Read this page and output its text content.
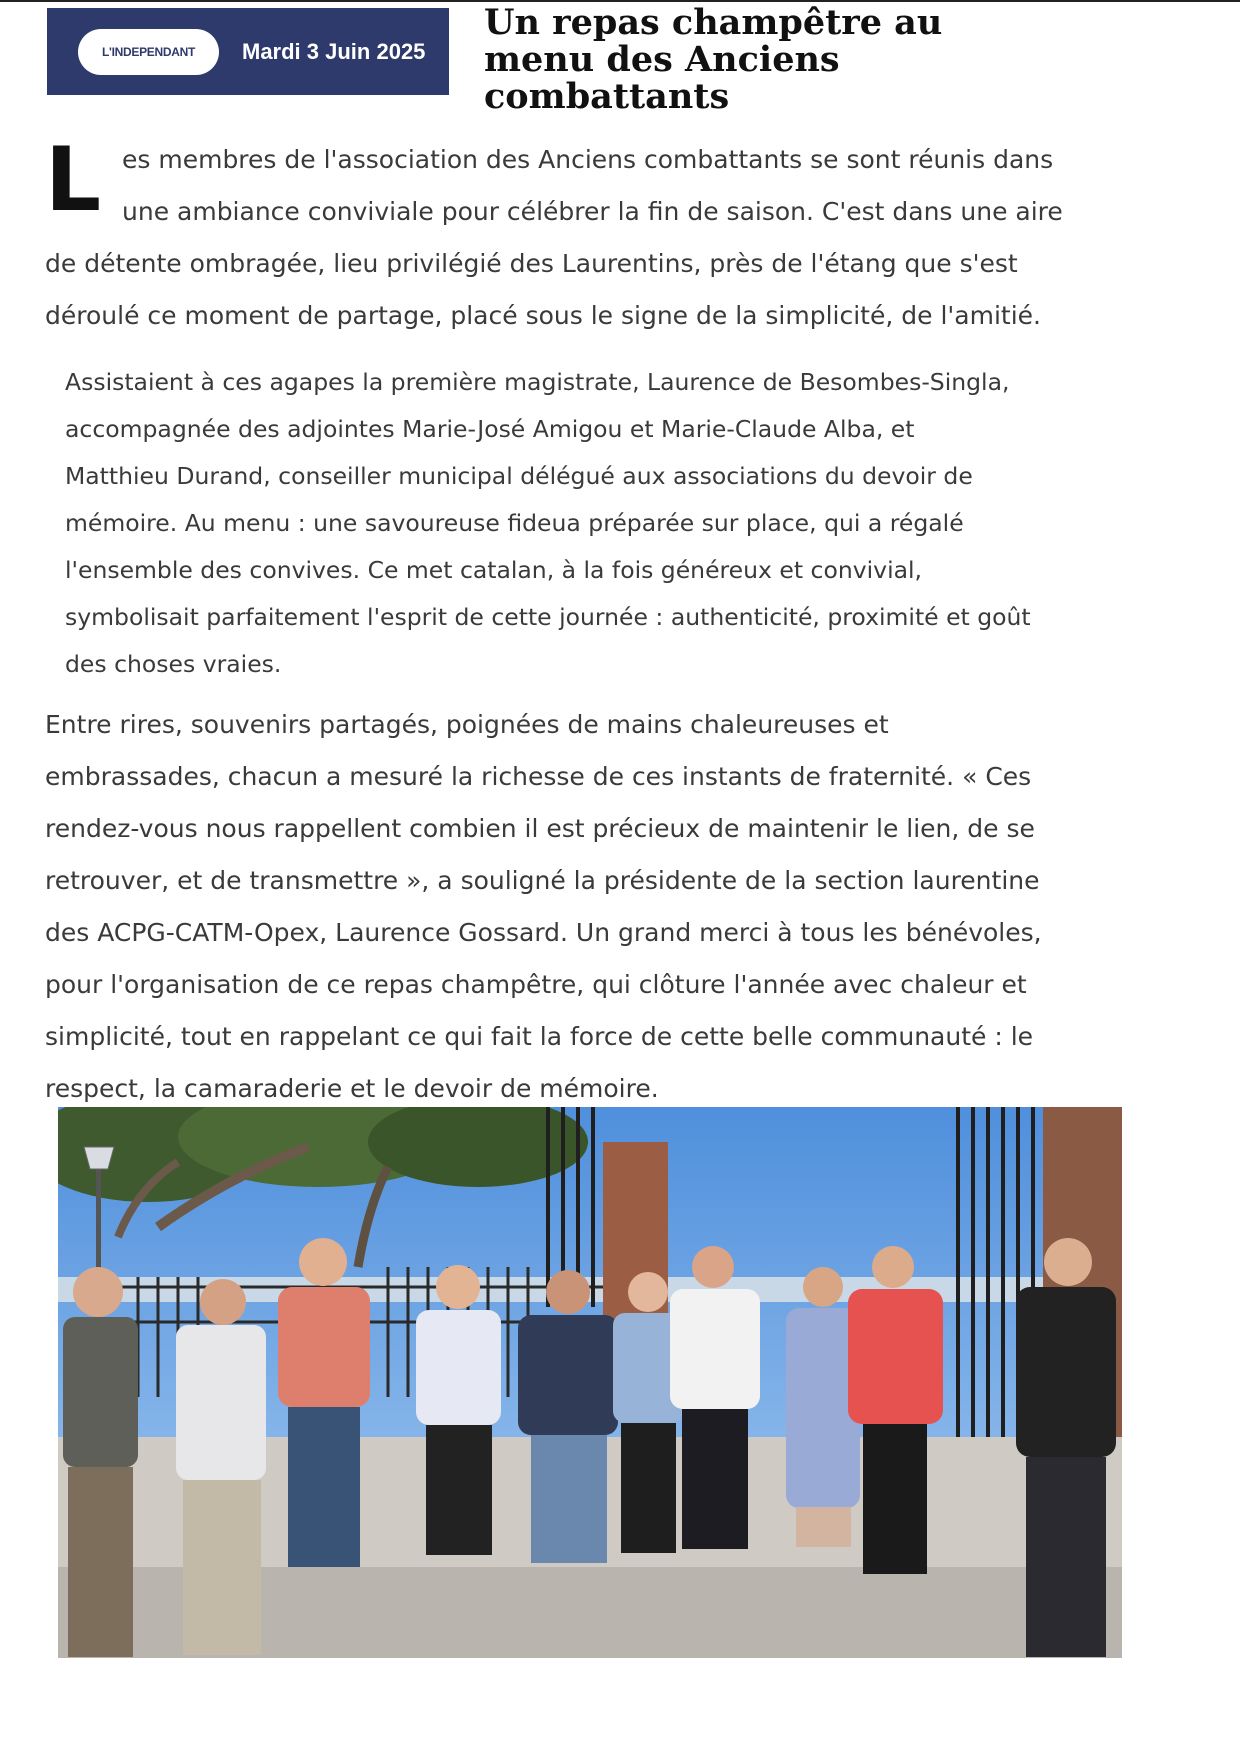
L'INDEPENDANT Mardi 3 Juin 2025
Un repas champêtre au
menu des Anciens
combattants
L es membres de l'association des Anciens combattants se sont réunis dans
une ambiance conviviale pour célébrer la fin de saison. C'est dans une aire
de détente ombragée, lieu privilégié des Laurentins, près de l'étang que s'est
déroulé ce moment de partage, placé sous le signe de la simplicité, de l'amitié.
Assistaient à ces agapes la première magistrate, Laurence de Besombes-Singla,
accompagnée des adjointes Marie-José Amigou et Marie-Claude Alba, et
Matthieu Durand, conseiller municipal délégué aux associations du devoir de
mémoire. Au menu : une savoureuse fideua préparée sur place, qui a régalé
l'ensemble des convives. Ce met catalan, à la fois généreux et convivial,
symbolisait parfaitement l'esprit de cette journée : authenticité, proximité et goût
des choses vraies.
Entre rires, souvenirs partagés, poignées de mains chaleureuses et
embrassades, chacun a mesuré la richesse de ces instants de fraternité. « Ces
rendez-vous nous rappellent combien il est précieux de maintenir le lien, de se
retrouver, et de transmettre », a souligné la présidente de la section laurentine
des ACPG-CATM-Opex, Laurence Gossard. Un grand merci à tous les bénévoles,
pour l'organisation de ce repas champêtre, qui clôture l'année avec chaleur et
simplicité, tout en rappelant ce qui fait la force de cette belle communauté : le
respect, la camaraderie et le devoir de mémoire.
